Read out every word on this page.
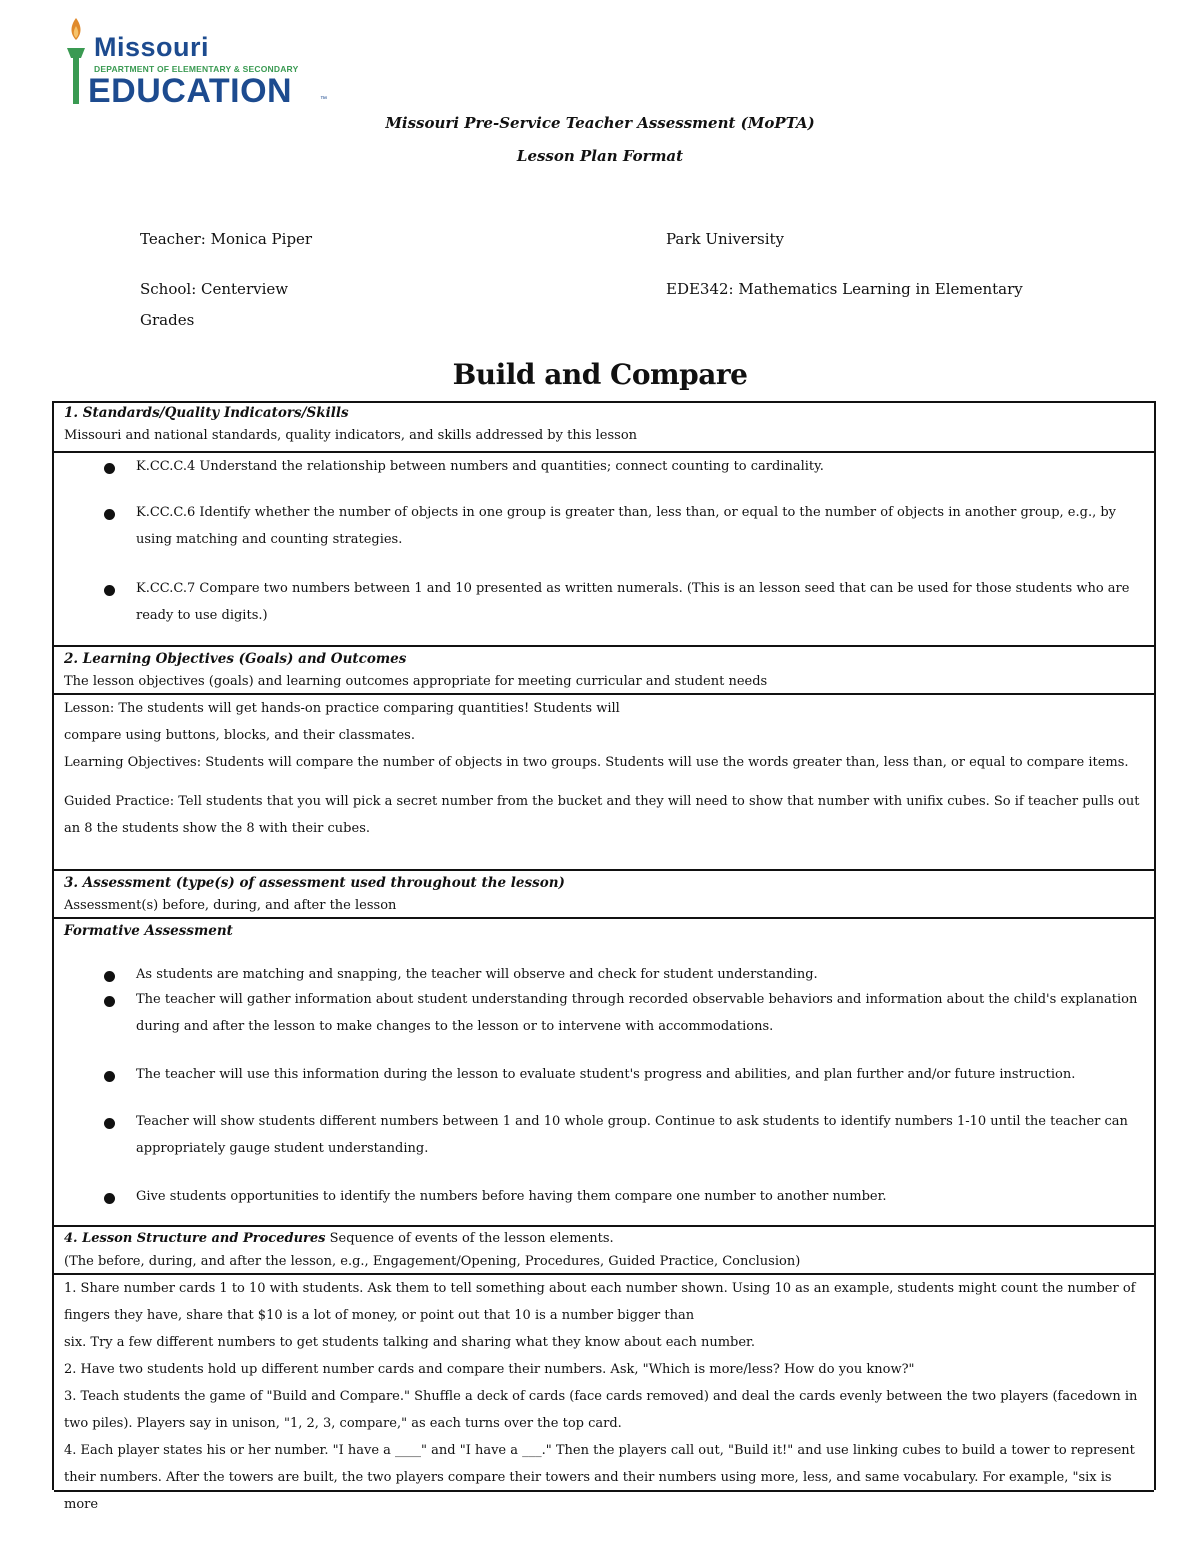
Missouri
DEPARTMENT OF ELEMENTARY & SECONDARY
EDUCATION	™
Missouri Pre-Service Teacher Assessment (MoPTA)
Lesson Plan Format
Teacher: Monica Piper	Park University
School: Centerview	EDE342: Mathematics Learning in Elementary
Grades
Build and Compare
1. Standards/Quality Indicators/Skills
Missouri and national standards, quality indicators, and skills addressed by this lesson
K.CC.C.4 Understand the relationship between numbers and quantities; connect counting to cardinality.
K.CC.C.6 Identify whether the number of objects in one group is greater than, less than, or equal to the number of objects in another group, e.g., by using matching and counting strategies.
K.CC.C.7 Compare two numbers between 1 and 10 presented as written numerals. (This is an lesson seed that can be used for those students who are ready to use digits.)
2. Learning Objectives (Goals) and Outcomes
The lesson objectives (goals) and learning outcomes appropriate for meeting curricular and student needs
Lesson: The students will get hands-on practice comparing quantities! Students will
compare using buttons, blocks, and their classmates.
Learning Objectives: Students will compare the number of objects in two groups. Students will use the words greater than, less than, or equal to compare items.
Guided Practice: Tell students that you will pick a secret number from the bucket and they will need to show that number with unifix cubes. So if teacher pulls out an 8 the students show the 8 with their cubes.
3. Assessment (type(s) of assessment used throughout the lesson)
Assessment(s) before, during, and after the lesson
Formative Assessment
As students are matching and snapping, the teacher will observe and check for student understanding.
The teacher will gather information about student understanding through recorded observable behaviors and information about the child's explanation during and after the lesson to make changes to the lesson or to intervene with accommodations.
The teacher will use this information during the lesson to evaluate student's progress and abilities, and plan further and/or future instruction.
Teacher will show students different numbers between 1 and 10 whole group. Continue to ask students to identify numbers 1-10 until the teacher can appropriately gauge student understanding.
Give students opportunities to identify the numbers before having them compare one number to another number.
4. Lesson Structure and Procedures Sequence of events of the lesson elements.
(The before, during, and after the lesson, e.g., Engagement/Opening, Procedures, Guided Practice, Conclusion)
1. Share number cards 1 to 10 with students. Ask them to tell something about each number shown. Using 10 as an example, students might count the number of fingers they have, share that $10 is a lot of money, or point out that 10 is a number bigger than
six. Try a few different numbers to get students talking and sharing what they know about each number.
2. Have two students hold up different number cards and compare their numbers. Ask, "Which is more/less? How do you know?"
3. Teach students the game of "Build and Compare." Shuffle a deck of cards (face cards removed) and deal the cards evenly between the two players (facedown in two piles). Players say in unison, "1, 2, 3, compare," as each turns over the top card.
4. Each player states his or her number. "I have a ____" and "I have a ___." Then the players call out, "Build it!" and use linking cubes to build a tower to represent their numbers. After the towers are built, the two players compare their towers and their numbers using more, less, and same vocabulary. For example, "six is more
